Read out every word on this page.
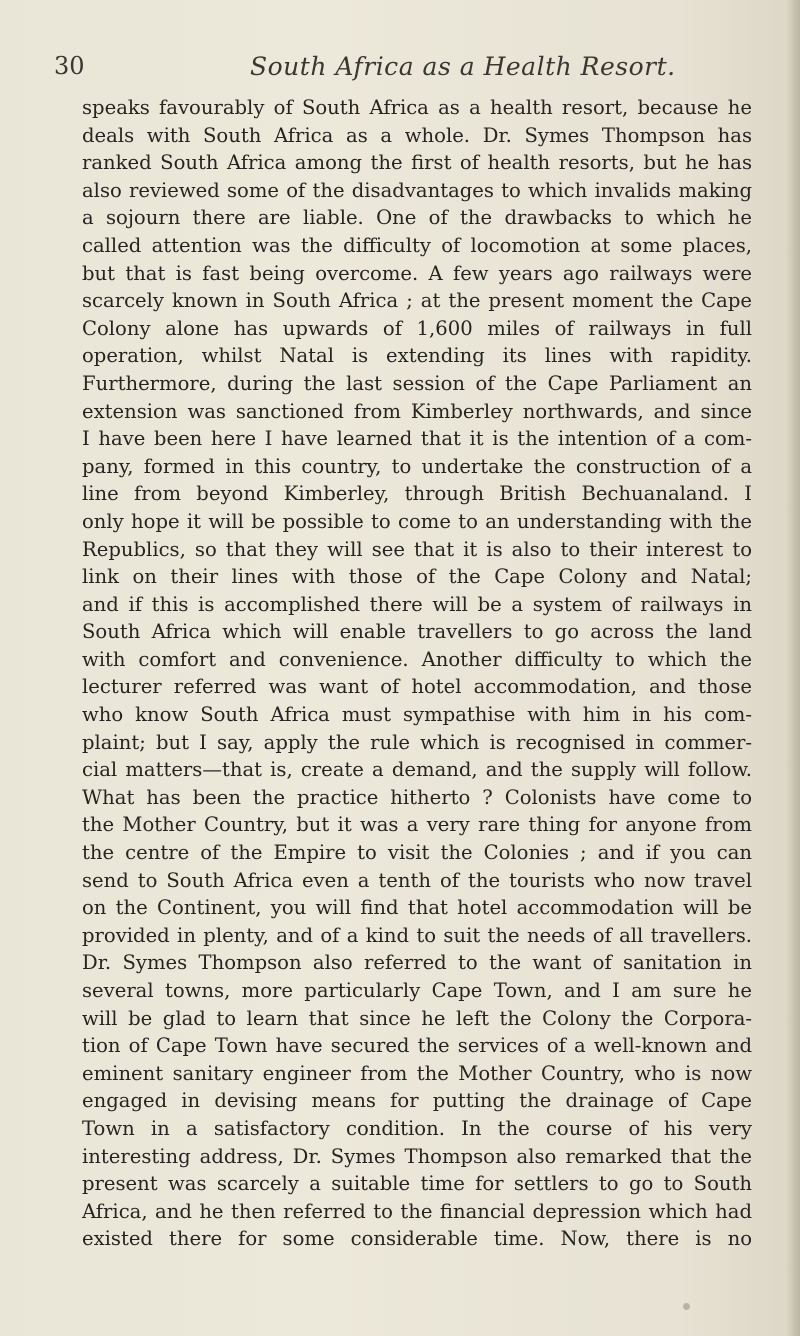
30	South Africa as a Health Resort.
speaks favourably of South Africa as a health resort, because he
deals with South Africa as a whole. Dr. Symes Thompson has
ranked South Africa among the first of health resorts, but he has
also reviewed some of the disadvantages to which invalids making
a sojourn there are liable. One of the drawbacks to which he
called attention was the difficulty of locomotion at some places,
but that is fast being overcome. A few years ago railways were
scarcely known in South Africa ; at the present moment the Cape
Colony alone has upwards of 1,600 miles of railways in full
operation, whilst Natal is extending its lines with rapidity.
Furthermore, during the last session of the Cape Parliament an
extension was sanctioned from Kimberley northwards, and since
I have been here I have learned that it is the intention of a com-
pany, formed in this country, to undertake the construction of a
line from beyond Kimberley, through British Bechuanaland. I
only hope it will be possible to come to an understanding with the
Republics, so that they will see that it is also to their interest to
link on their lines with those of the Cape Colony and Natal;
and if this is accomplished there will be a system of railways in
South Africa which will enable travellers to go across the land
with comfort and convenience. Another difficulty to which the
lecturer referred was want of hotel accommodation, and those
who know South Africa must sympathise with him in his com-
plaint; but I say, apply the rule which is recognised in commer-
cial matters—that is, create a demand, and the supply will follow.
What has been the practice hitherto ? Colonists have come to
the Mother Country, but it was a very rare thing for anyone from
the centre of the Empire to visit the Colonies ; and if you can
send to South Africa even a tenth of the tourists who now travel
on the Continent, you will find that hotel accommodation will be
provided in plenty, and of a kind to suit the needs of all travellers.
Dr. Symes Thompson also referred to the want of sanitation in
several towns, more particularly Cape Town, and I am sure he
will be glad to learn that since he left the Colony the Corpora-
tion of Cape Town have secured the services of a well-known and
eminent sanitary engineer from the Mother Country, who is now
engaged in devising means for putting the drainage of Cape
Town in a satisfactory condition. In the course of his very
interesting address, Dr. Symes Thompson also remarked that the
present was scarcely a suitable time for settlers to go to South
Africa, and he then referred to the financial depression which had
existed there for some considerable time. Now, there is no
